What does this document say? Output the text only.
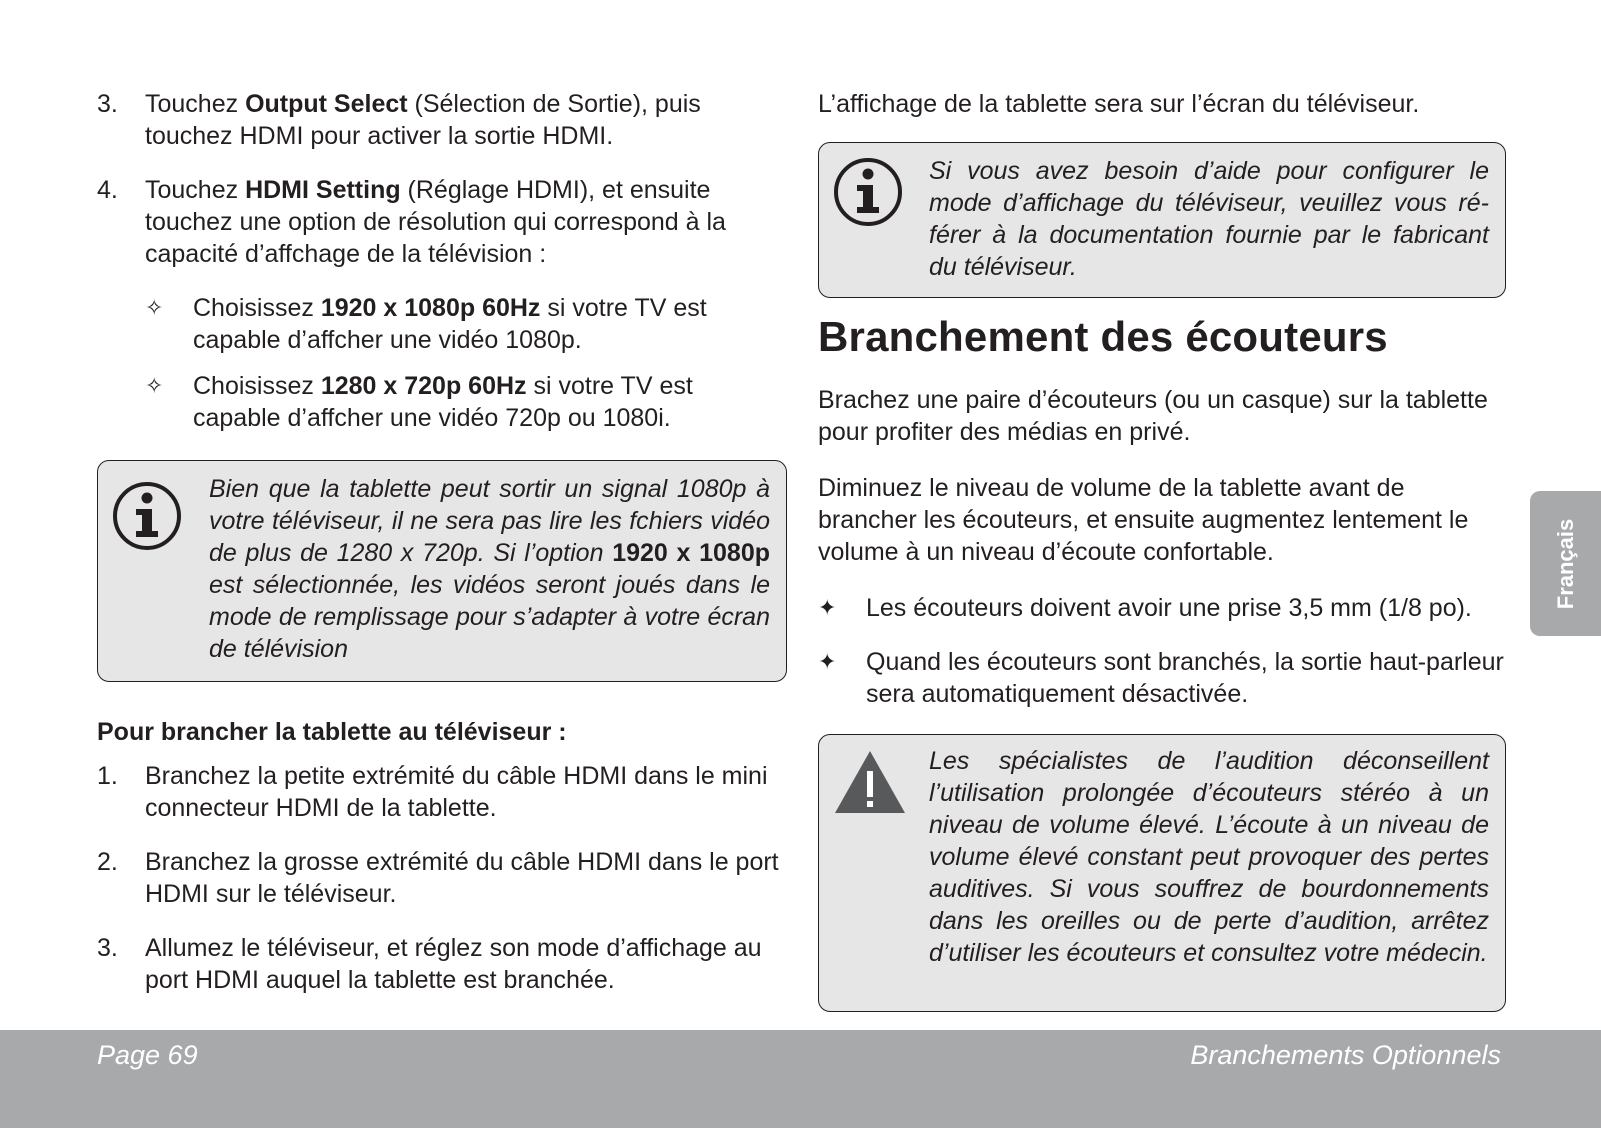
3.	Touchez Output Select (Sélection de Sortie), puis touchez HDMI pour activer la sortie HDMI.
4.	Touchez HDMI Setting (Réglage HDMI), et ensuite touchez une option de résolution qui correspond à la capacité d’affchage de la télévision :
✧	Choisissez 1920 x 1080p 60Hz si votre TV est capable d’affcher une vidéo 1080p.
✧	Choisissez 1280 x 720p 60Hz si votre TV est capable d’affcher une vidéo 720p ou 1080i.
Bien que la tablette peut sortir un signal 1080p à votre téléviseur, il ne sera pas lire les fchiers vidéo de plus de 1280 x 720p. Si l’option 1920 x 1080p est sélectionnée, les vidéos seront joués dans le mode de remplissage pour s’adapter à votre écran de télévision
Pour brancher la tablette au téléviseur :
1.	Branchez la petite extrémité du câble HDMI dans le mini connecteur HDMI de la tablette.
2.	Branchez la grosse extrémité du câble HDMI dans le port HDMI sur le téléviseur.
3.	Allumez le téléviseur, et réglez son mode d’affichage au port HDMI auquel la tablette est branchée.

L’affichage de la tablette sera sur l’écran du téléviseur.

Si vous avez besoin d’aide pour configurer le mode d’affichage du téléviseur, veuillez vous ré-férer à la documentation fournie par le fabricant du téléviseur.
Branchement des écouteurs

Brachez une paire d’écouteurs (ou un casque) sur la tablette pour profiter des médias en privé.

Diminuez le niveau de volume de la tablette avant de brancher les écouteurs, et ensuite augmentez lentement le volume à un niveau d’écoute confortable.

✦	Les écouteurs doivent avoir une prise 3,5 mm (1/8 po).
✦	Quand les écouteurs sont branchés, la sortie haut-parleur sera automatiquement désactivée.
Les spécialistes de l’audition déconseillent l’utilisation prolongée d’écouteurs stéréo à un niveau de volume élevé. L’écoute à un niveau de volume élevé constant peut provoquer des pertes auditives. Si vous souffrez de bourdonnements dans les oreilles ou de perte d’audition, arrêtez d’utiliser les écouteurs et consultez votre médecin.
Français
Page 69	Branchements Optionnels
